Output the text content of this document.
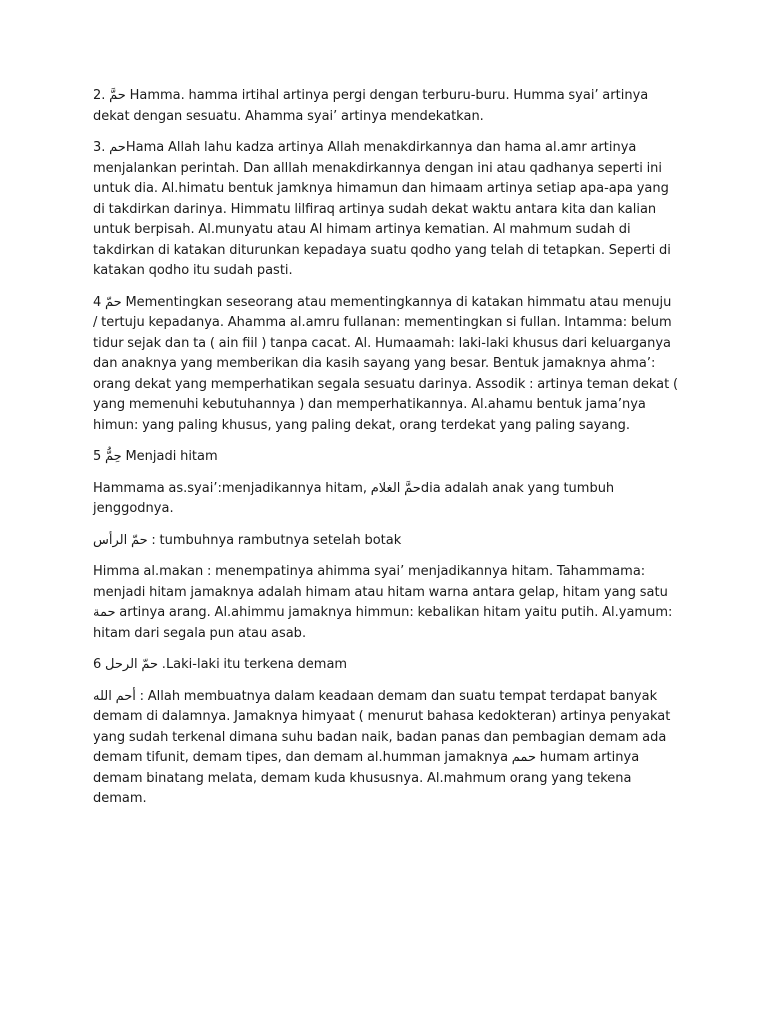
2. حمَّ Hamma. hamma irtihal artinya pergi dengan terburu-buru. Humma syai’ artinya dekat dengan sesuatu. Ahamma syai’ artinya mendekatkan.

3. حمHama Allah lahu kadza artinya Allah menakdirkannya dan hama al.amr artinya menjalankan perintah. Dan alllah menakdirkannya dengan ini atau qadhanya seperti ini untuk dia. Al.himatu bentuk jamknya himamun dan himaam artinya setiap apa-apa yang di takdirkan darinya. Himmatu lilfiraq artinya sudah dekat waktu antara kita dan kalian untuk berpisah. Al.munyatu atau Al himam artinya kematian. Al mahmum sudah di takdirkan di katakan diturunkan kepadaya suatu qodho yang telah di tetapkan. Seperti di katakan qodho itu sudah pasti.

4 حمّ Mementingkan seseorang atau mementingkannya di katakan himmatu atau menuju / tertuju kepadanya. Ahamma al.amru fullanan: mementingkan si fullan. Intamma: belum tidur sejak dan ta ( ain fiil ) tanpa cacat. Al. Humaamah: laki-laki khusus dari keluarganya dan anaknya yang memberikan dia kasih sayang yang besar. Bentuk jamaknya ahma’: orang dekat yang memperhatikan segala sesuatu darinya. Assodik : artinya teman dekat ( yang memenuhi kebutuhannya ) dan memperhatikannya. Al.ahamu bentuk jama’nya himun: yang paling khusus, yang paling dekat, orang terdekat yang paling sayang.

5 حِمُّ Menjadi hitam

Hammama as.syai’:menjadikannya hitam, حمَّ الغلامdia adalah anak yang tumbuh jenggodnya.

حمّ الرأس : tumbuhnya rambutnya setelah botak

Himma al.makan : menempatinya ahimma syai’ menjadikannya hitam. Tahammama: menjadi hitam jamaknya adalah himam atau hitam warna antara gelap, hitam yang satu حمة artinya arang. Al.ahimmu jamaknya himmun: kebalikan hitam yaitu putih. Al.yamum: hitam dari segala pun atau asab.

6 حمّ الرحل .Laki-laki itu terkena demam

أحم الله : Allah membuatnya dalam keadaan demam dan suatu tempat terdapat banyak demam di dalamnya. Jamaknya himyaat ( menurut bahasa kedokteran) artinya penyakat yang sudah terkenal dimana suhu badan naik, badan panas dan pembagian demam ada demam tifunit, demam tipes, dan demam al.humman jamaknya حمم humam artinya demam binatang melata, demam kuda khususnya. Al.mahmum orang yang tekena demam.
